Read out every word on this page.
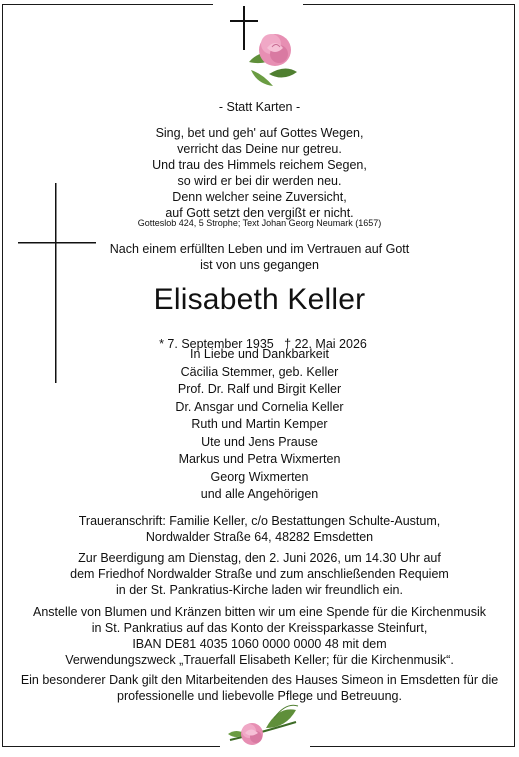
- Statt Karten -
Sing, bet und geh' auf Gottes Wegen,
verricht das Deine nur getreu.
Und trau des Himmels reichem Segen,
so wird er bei dir werden neu.
Denn welcher seine Zuversicht,
auf Gott setzt den vergißt er nicht.
Gotteslob 424, 5 Strophe; Text Johan Georg Neumark (1657)
Nach einem erfüllten Leben und im Vertrauen auf Gott
ist von uns gegangen
Elisabeth Keller

* 7. September 1935   † 22. Mai 2026

In Liebe und Dankbarkeit
Cäcilia Stemmer, geb. Keller
Prof. Dr. Ralf und Birgit Keller
Dr. Ansgar und Cornelia Keller
Ruth und Martin Kemper
Ute und Jens Prause
Markus und Petra Wixmerten
Georg Wixmerten
und alle Angehörigen
Traueranschrift: Familie Keller, c/o Bestattungen Schulte-Austum,
Nordwalder Straße 64, 48282 Emsdetten
Zur Beerdigung am Dienstag, den 2. Juni 2026, um 14.30 Uhr auf
dem Friedhof Nordwalder Straße und zum anschließenden Requiem
in der St. Pankratius-Kirche laden wir freundlich ein.
Anstelle von Blumen und Kränzen bitten wir um eine Spende für die Kirchenmusik
in St. Pankratius auf das Konto der Kreissparkasse Steinfurt,
IBAN DE81 4035 1060 0000 0000 48 mit dem
Verwendungszweck „Trauerfall Elisabeth Keller; für die Kirchenmusik“.
Ein besonderer Dank gilt den Mitarbeitenden des Hauses Simeon in Emsdetten für die
professionelle und liebevolle Pflege und Betreuung.
